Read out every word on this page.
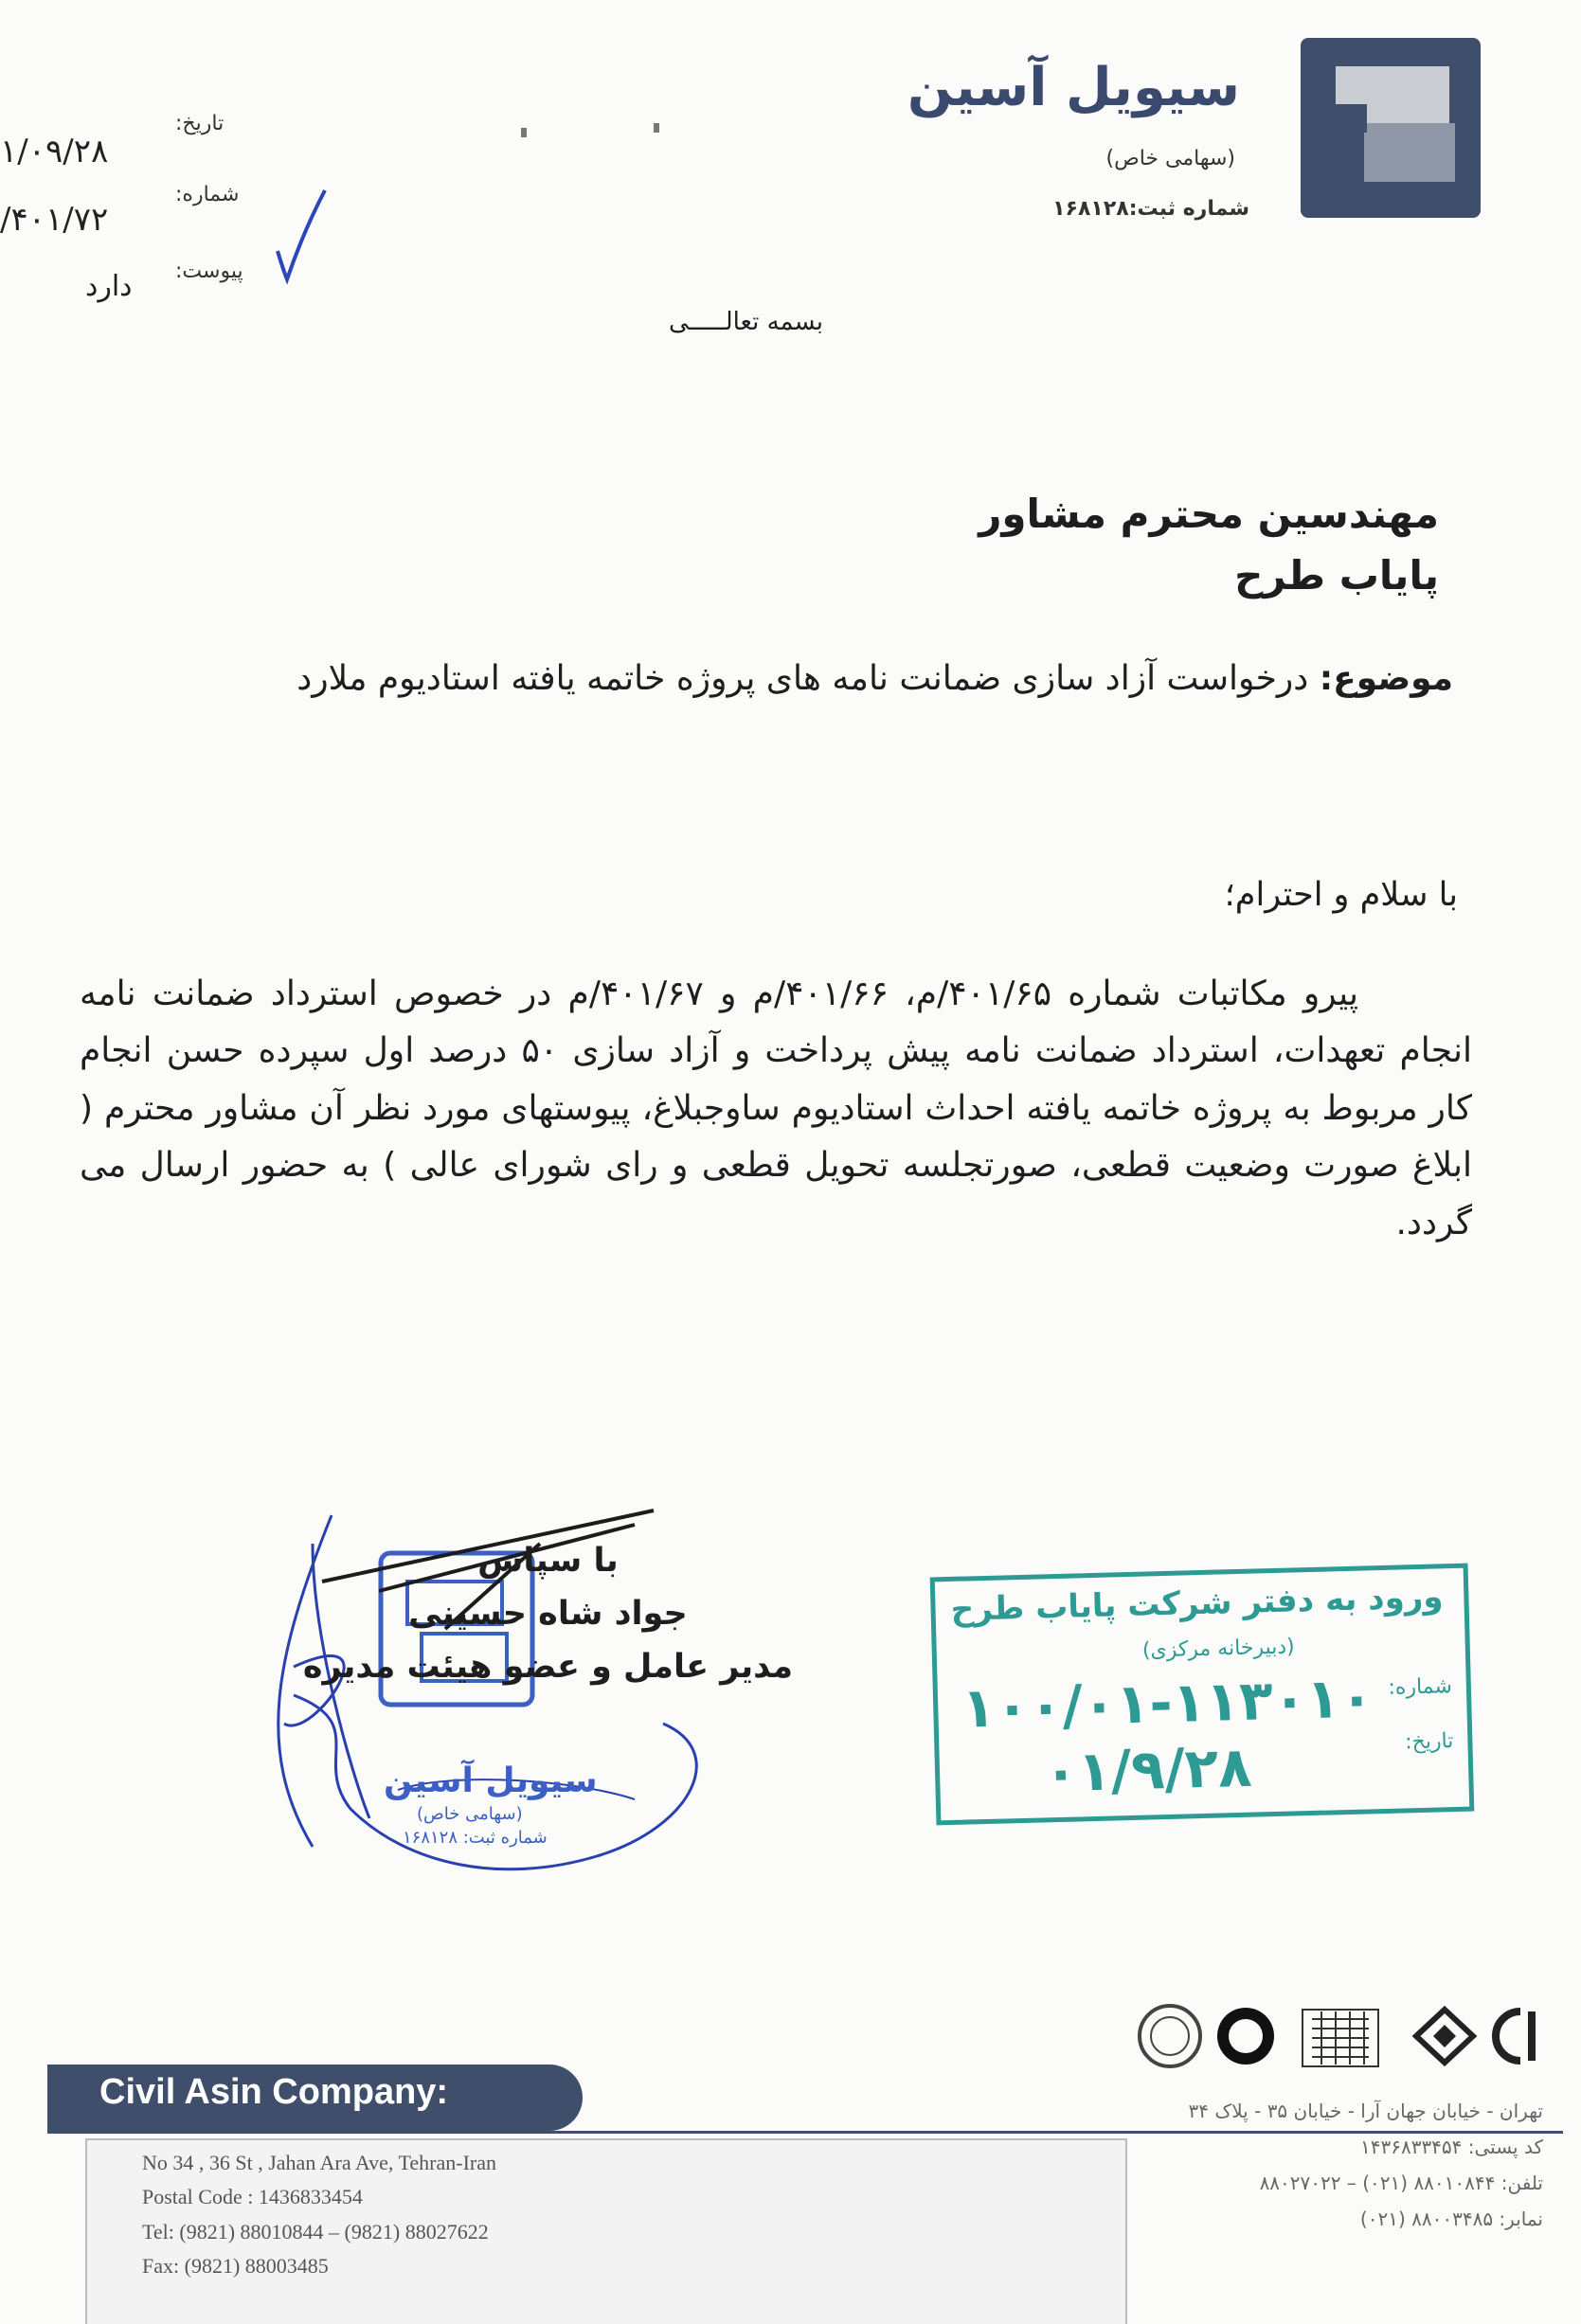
سیویل آسین
(سهامی خاص)
شماره ثبت:۱۶۸۱۲۸
تاریخ:
۱/۰۹/۲۸
شماره:
/۴۰۱/۷۲
پیوست:
دارد
بسمه تعالـــــی
مهندسین محترم مشاور
پایاب طرح
موضوع: درخواست آزاد سازی ضمانت نامه های پروژه خاتمه یافته استادیوم ملارد
با سلام و احترام؛
پیرو مکاتبات شماره ۴۰۱/۶۵/م، ۴۰۱/۶۶/م و ۴۰۱/۶۷/م در خصوص استرداد ضمانت نامه انجام تعهدات، استرداد ضمانت نامه پیش پرداخت و آزاد سازی ۵۰ درصد اول سپرده حسن انجام کار مربوط به پروژه خاتمه یافته احداث استادیوم ساوجبلاغ، پیوستهای مورد نظر آن مشاور محترم ( ابلاغ صورت وضعیت قطعی، صورتجلسه تحویل قطعی و رای شورای عالی ) به حضور ارسال می گردد.
سیویل آسین
(سهامی خاص)
شماره ثبت: ۱۶۸۱۲۸
با سپاس
جواد شاه حسینی
مدیر عامل و عضو هیئت مدیره
ورود به دفتر شرکت پایاب طرح
(دبیرخانه مرکزی)
شماره:
تاریخ:
۱۰۰/۰۱-۱۱۳۰۱۰
۰۱/۹/۲۸
Civil Asin Company:
No 34 , 36 St , Jahan Ara Ave, Tehran-Iran
Postal Code : 1436833454
Tel: (9821) 88010844 – (9821) 88027622
Fax: (9821) 88003485
تهران - خیابان جهان آرا - خیابان ۳۵ - پلاک ۳۴
کد پستی: ۱۴۳۶۸۳۳۴۵۴
تلفن: ۸۸۰۱۰۸۴۴ (۰۲۱) – ۸۸۰۲۷۰۲۲
نمابر: ۸۸۰۰۳۴۸۵ (۰۲۱)
